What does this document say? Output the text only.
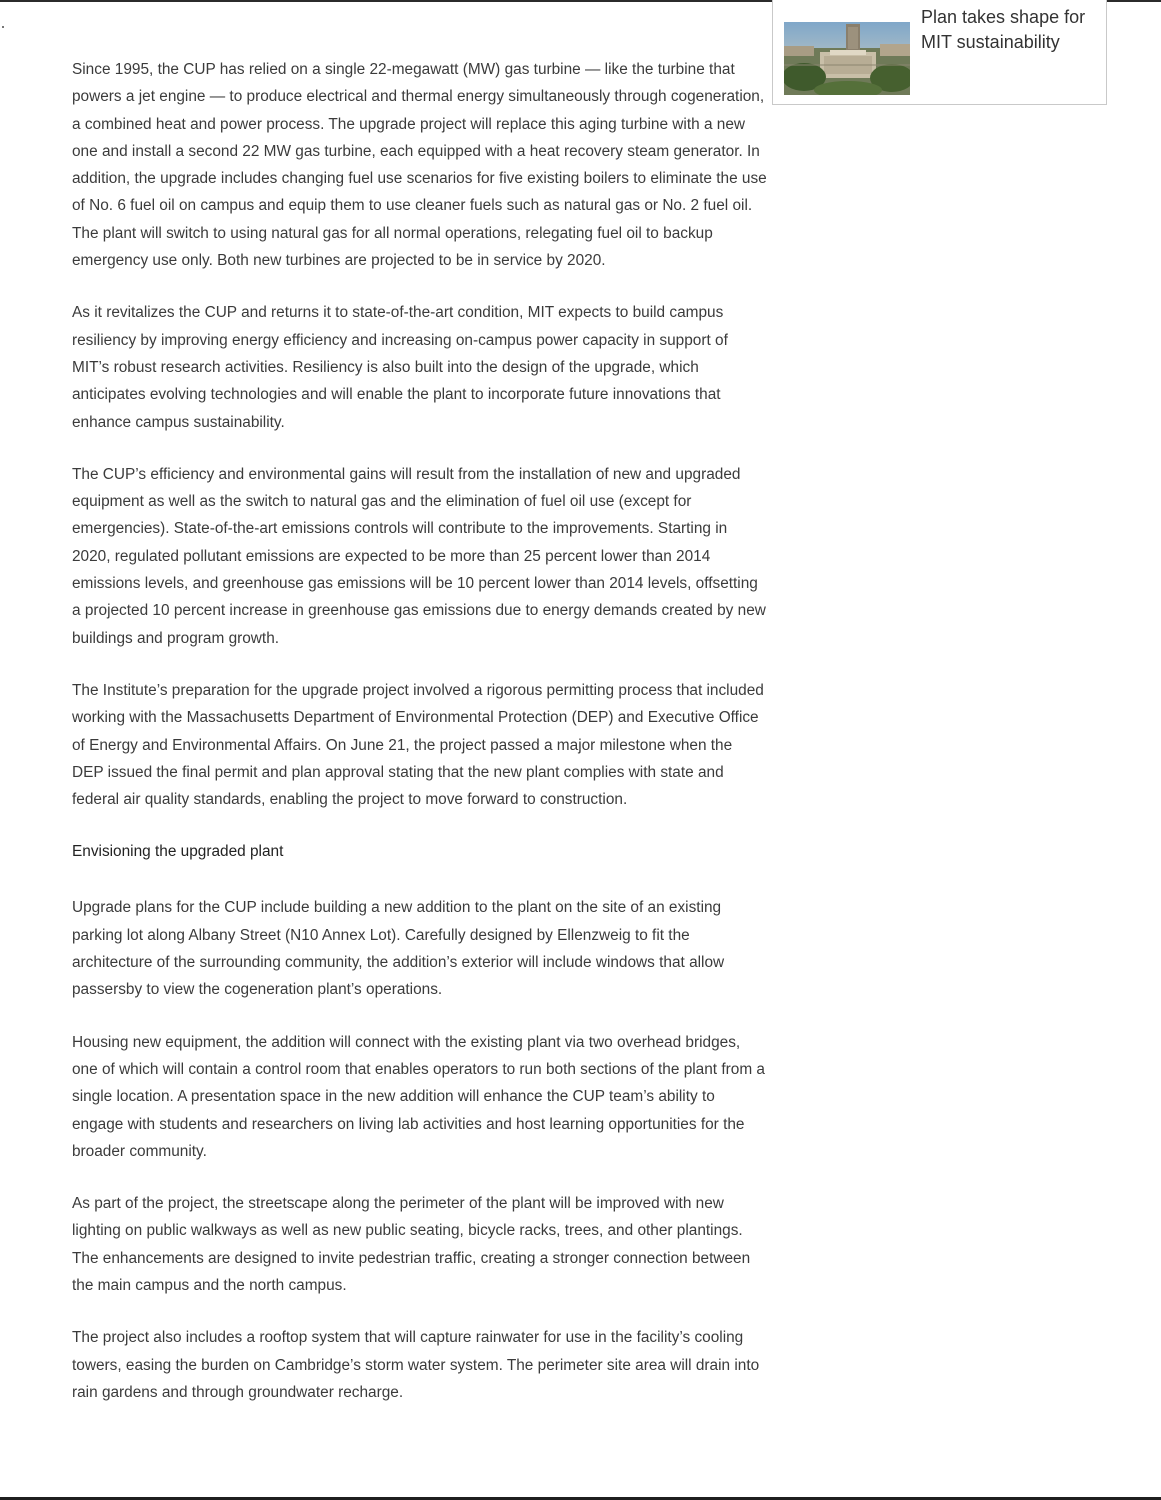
Plan takes shape for
MIT sustainability

Since 1995, the CUP has relied on a single 22-megawatt (MW) gas turbine — like the turbine that powers a jet engine — to produce electrical and thermal energy simultaneously through cogeneration, a combined heat and power process. The upgrade project will replace this aging turbine with a new one and install a second 22 MW gas turbine, each equipped with a heat recovery steam generator. In addition, the upgrade includes changing fuel use scenarios for five existing boilers to eliminate the use of No. 6 fuel oil on campus and equip them to use cleaner fuels such as natural gas or No. 2 fuel oil. The plant will switch to using natural gas for all normal operations, relegating fuel oil to backup emergency use only. Both new turbines are projected to be in service by 2020.

As it revitalizes the CUP and returns it to state-of-the-art condition, MIT expects to build campus resiliency by improving energy efficiency and increasing on-campus power capacity in support of MIT’s robust research activities. Resiliency is also built into the design of the upgrade, which anticipates evolving technologies and will enable the plant to incorporate future innovations that enhance campus sustainability.

The CUP’s efficiency and environmental gains will result from the installation of new and upgraded equipment as well as the switch to natural gas and the elimination of fuel oil use (except for emergencies). State-of-the-art emissions controls will contribute to the improvements. Starting in 2020, regulated pollutant emissions are expected to be more than 25 percent lower than 2014 emissions levels, and greenhouse gas emissions will be 10 percent lower than 2014 levels, offsetting a projected 10 percent increase in greenhouse gas emissions due to energy demands created by new buildings and program growth.

The Institute’s preparation for the upgrade project involved a rigorous permitting process that included working with the Massachusetts Department of Environmental Protection (DEP) and Executive Office of Energy and Environmental Affairs. On June 21, the project passed a major milestone when the DEP issued the final permit and plan approval stating that the new plant complies with state and federal air quality standards, enabling the project to move forward to construction.

Envisioning the upgraded plant

Upgrade plans for the CUP include building a new addition to the plant on the site of an existing parking lot along Albany Street (N10 Annex Lot). Carefully designed by Ellenzweig to fit the architecture of the surrounding community, the addition’s exterior will include windows that allow passersby to view the cogeneration plant’s operations.

Housing new equipment, the addition will connect with the existing plant via two overhead bridges, one of which will contain a control room that enables operators to run both sections of the plant from a single location. A presentation space in the new addition will enhance the CUP team’s ability to engage with students and researchers on living lab activities and host learning opportunities for the broader community.

As part of the project, the streetscape along the perimeter of the plant will be improved with new lighting on public walkways as well as new public seating, bicycle racks, trees, and other plantings. The enhancements are designed to invite pedestrian traffic, creating a stronger connection between the main campus and the north campus.

The project also includes a rooftop system that will capture rainwater for use in the facility’s cooling towers, easing the burden on Cambridge’s storm water system. The perimeter site area will drain into rain gardens and through groundwater recharge.
